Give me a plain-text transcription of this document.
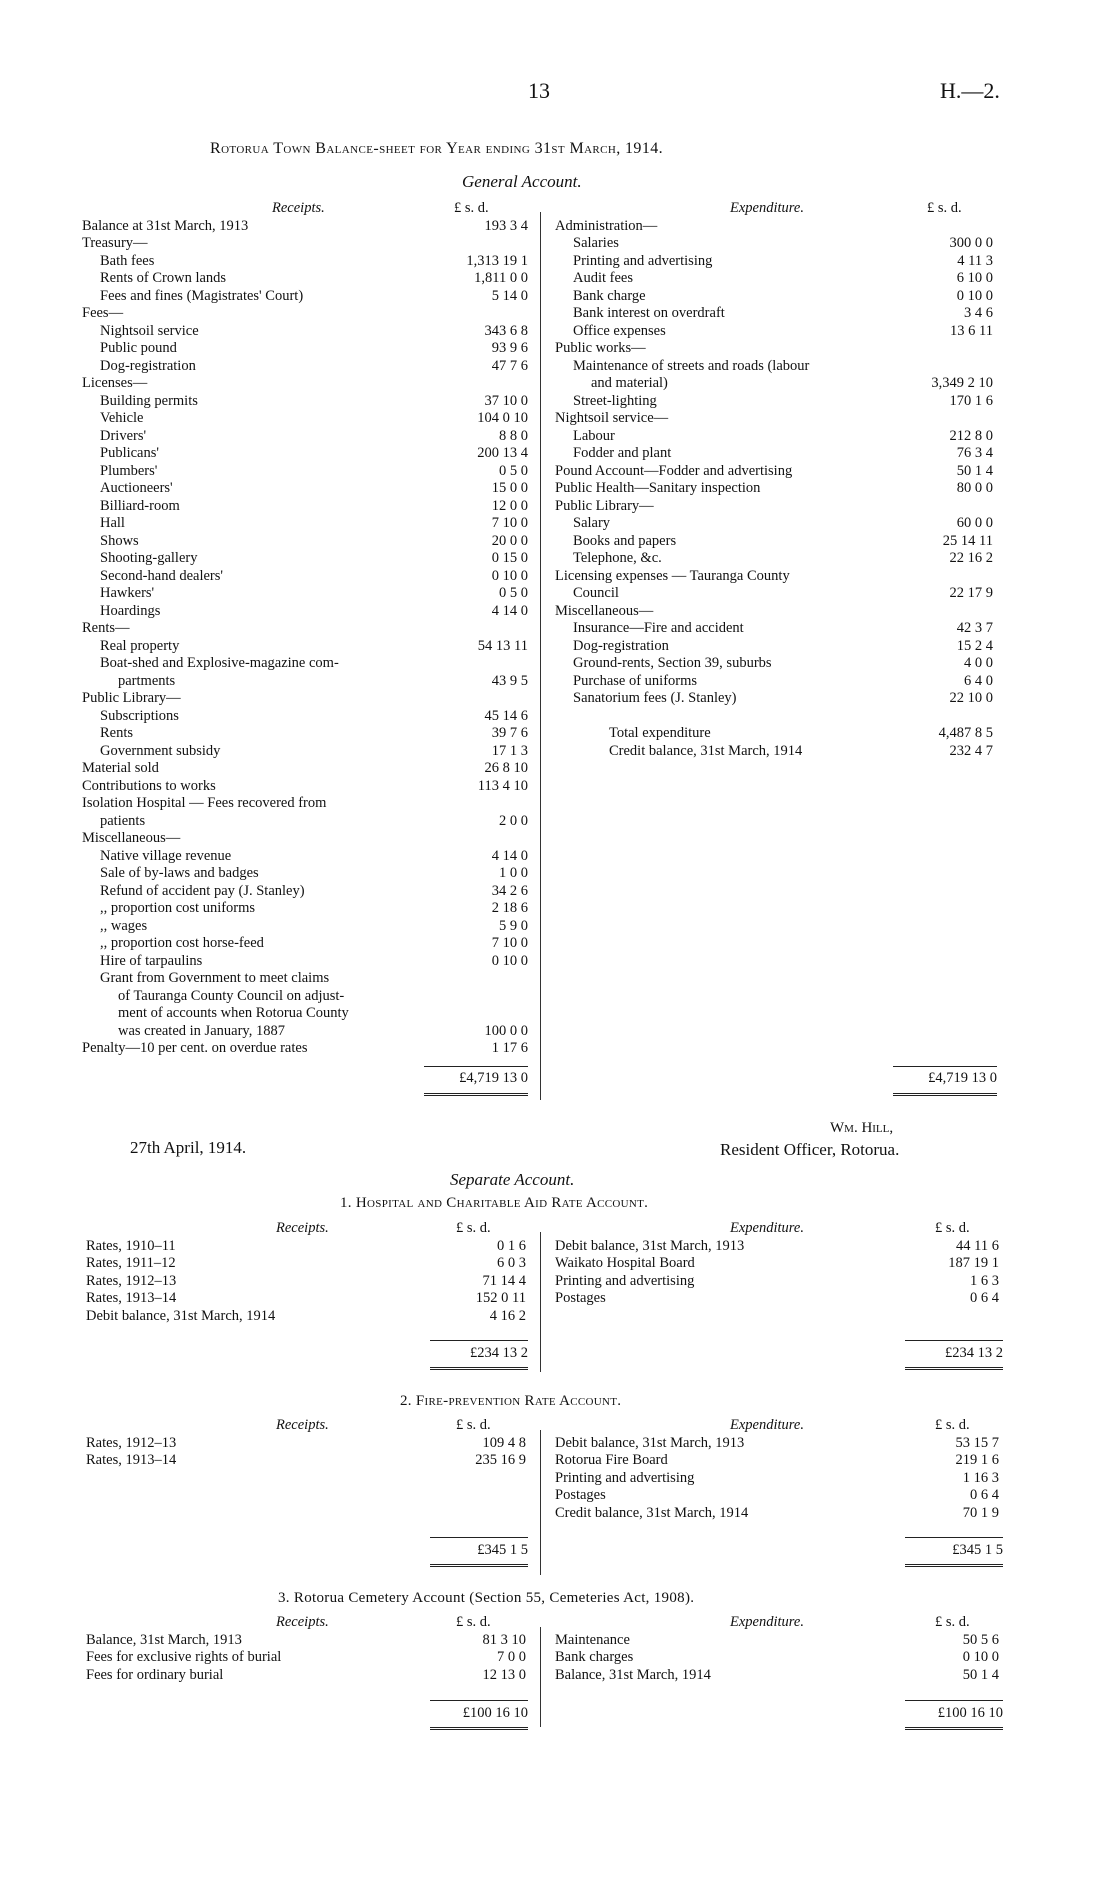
13	H.—2.
Rotorua Town Balance-sheet for Year ending 31st March, 1914.
General Account.
Receipts.	£ s. d.
Balance at 31st March, 1913	193 3 4
Treasury—
Bath fees	1,313 19 1
Rents of Crown lands	1,811 0 0
Fees and fines (Magistrates' Court)	5 14 0
Fees—
Nightsoil service	343 6 8
Public pound	93 9 6
Dog-registration	47 7 6
Licenses—
Building permits	37 10 0
Vehicle	104 0 10
Drivers'	8 8 0
Publicans'	200 13 4
Plumbers'	0 5 0
Auctioneers'	15 0 0
Billiard-room	12 0 0
Hall	7 10 0
Shows	20 0 0
Shooting-gallery	0 15 0
Second-hand dealers'	0 10 0
Hawkers'	0 5 0
Hoardings	4 14 0
Rents—
Real property	54 13 11
Boat-shed and Explosive-magazine com-
partments	43 9 5
Public Library—
Subscriptions	45 14 6
Rents	39 7 6
Government subsidy	17 1 3
Material sold	26 8 10
Contributions to works	113 4 10
Isolation Hospital — Fees recovered from
patients	2 0 0
Miscellaneous—
Native village revenue	4 14 0
Sale of by-laws and badges	1 0 0
Refund of accident pay (J. Stanley)	34 2 6
,, proportion cost uniforms	2 18 6
,, wages	5 9 0
,, proportion cost horse-feed	7 10 0
Hire of tarpaulins	0 10 0
Grant from Government to meet claims
of Tauranga County Council on adjust-
ment of accounts when Rotorua County
was created in January, 1887	100 0 0
Penalty—10 per cent. on overdue rates	1 17 6
Expenditure.	£ s. d.
Administration—
Salaries	300 0 0
Printing and advertising	4 11 3
Audit fees	6 10 0
Bank charge	0 10 0
Bank interest on overdraft	3 4 6
Office expenses	13 6 11
Public works—
Maintenance of streets and roads (labour
and material)	3,349 2 10
Street-lighting	170 1 6
Nightsoil service—
Labour	212 8 0
Fodder and plant	76 3 4
Pound Account—Fodder and advertising	50 1 4
Public Health—Sanitary inspection	80 0 0
Public Library—
Salary	60 0 0
Books and papers	25 14 11
Telephone, &c.	22 16 2
Licensing expenses — Tauranga County
Council	22 17 9
Miscellaneous—
Insurance—Fire and accident	42 3 7
Dog-registration	15 2 4
Ground-rents, Section 39, suburbs	4 0 0
Purchase of uniforms	6 4 0
Sanatorium fees (J. Stanley)	22 10 0
Total expenditure	4,487 8 5
Credit balance, 31st March, 1914	232 4 7
£4,719 13 0	£4,719 13 0
27th April, 1914.
Wm. Hill,
Resident Officer, Rotorua.
Separate Account.
1. Hospital and Charitable Aid Rate Account.
Receipts.	£ s. d.
Rates, 1910–11	0 1 6
Rates, 1911–12	6 0 3
Rates, 1912–13	71 14 4
Rates, 1913–14	152 0 11
Debit balance, 31st March, 1914	4 16 2
Expenditure.	£ s. d.
Debit balance, 31st March, 1913	44 11 6
Waikato Hospital Board	187 19 1
Printing and advertising	1 6 3
Postages	0 6 4
£234 13 2	£234 13 2
2. Fire-prevention Rate Account.
Receipts.	£ s. d.
Rates, 1912–13	109 4 8
Rates, 1913–14	235 16 9
Expenditure.	£ s. d.
Debit balance, 31st March, 1913	53 15 7
Rotorua Fire Board	219 1 6
Printing and advertising	1 16 3
Postages	0 6 4
Credit balance, 31st March, 1914	70 1 9
£345 1 5	£345 1 5
3. Rotorua Cemetery Account (Section 55, Cemeteries Act, 1908).
Receipts.	£ s. d.
Balance, 31st March, 1913	81 3 10
Fees for exclusive rights of burial	7 0 0
Fees for ordinary burial	12 13 0
Expenditure.	£ s. d.
Maintenance	50 5 6
Bank charges	0 10 0
Balance, 31st March, 1914	50 1 4
£100 16 10	£100 16 10
